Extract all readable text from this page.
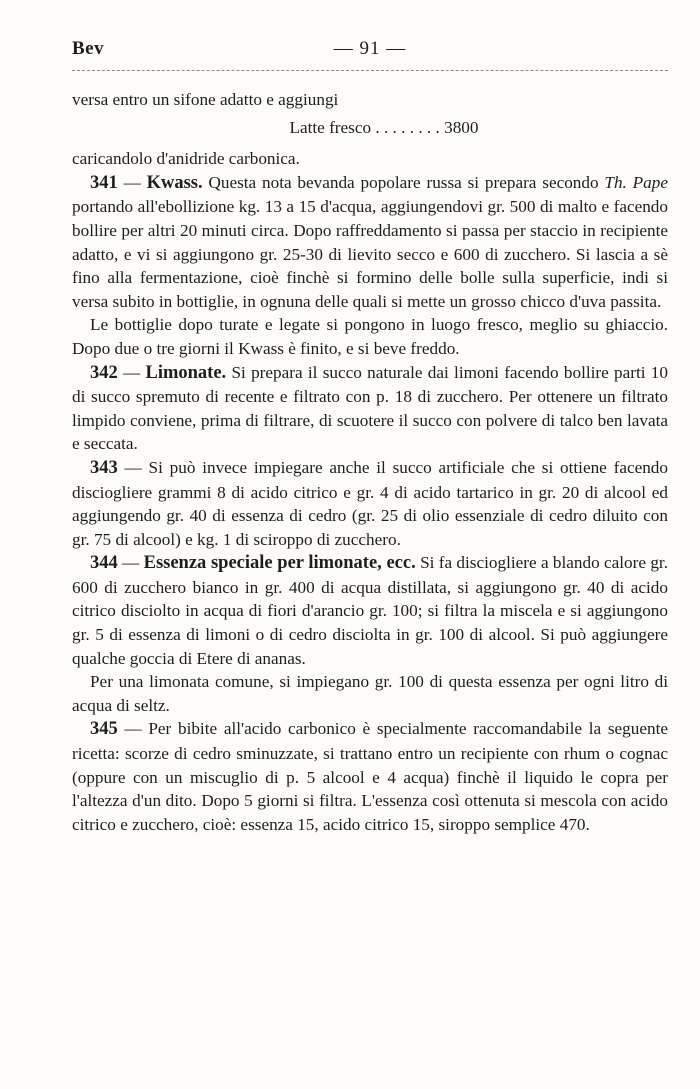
Bev	— 91 —

versa entro un sifone adatto e aggiungi

Latte fresco . . . . . . . . 3800

caricandolo d'anidride carbonica.

341 — Kwass. Questa nota bevanda popolare russa si prepara secondo Th. Pape portando all'ebollizione kg. 13 a 15 d'acqua, aggiungendovi gr. 500 di malto e facendo bollire per altri 20 minuti circa. Dopo raffreddamento si passa per staccio in recipiente adatto, e vi si aggiungono gr. 25-30 di lievito secco e 600 di zucchero. Si lascia a sè fino alla fermentazione, cioè finchè si formino delle bolle sulla superficie, indi si versa subito in bottiglie, in ognuna delle quali si mette un grosso chicco d'uva passita.

Le bottiglie dopo turate e legate si pongono in luogo fresco, meglio su ghiaccio. Dopo due o tre giorni il Kwass è finito, e si beve freddo.

342 — Limonate. Si prepara il succo naturale dai limoni facendo bollire parti 10 di succo spremuto di recente e filtrato con p. 18 di zucchero. Per ottenere un filtrato limpido conviene, prima di filtrare, di scuotere il succo con polvere di talco ben lavata e seccata.

343 — Si può invece impiegare anche il succo artificiale che si ottiene facendo disciogliere grammi 8 di acido citrico e gr. 4 di acido tartarico in gr. 20 di alcool ed aggiungendo gr. 40 di essenza di cedro (gr. 25 di olio essenziale di cedro diluito con gr. 75 di alcool) e kg. 1 di sciroppo di zucchero.

344 — Essenza speciale per limonate, ecc. Si fa disciogliere a blando calore gr. 600 di zucchero bianco in gr. 400 di acqua distillata, si aggiungono gr. 40 di acido citrico disciolto in acqua di fiori d'arancio gr. 100; si filtra la miscela e si aggiungono gr. 5 di essenza di limoni o di cedro disciolta in gr. 100 di alcool. Si può aggiungere qualche goccia di Etere di ananas.

Per una limonata comune, si impiegano gr. 100 di questa essenza per ogni litro di acqua di seltz.

345 — Per bibite all'acido carbonico è specialmente raccomandabile la seguente ricetta: scorze di cedro sminuzzate, si trattano entro un recipiente con rhum o cognac (oppure con un miscuglio di p. 5 alcool e 4 acqua) finchè il liquido le copra per l'altezza d'un dito. Dopo 5 giorni si filtra. L'essenza così ottenuta si mescola con acido citrico e zucchero, cioè: essenza 15, acido citrico 15, siroppo semplice 470.
